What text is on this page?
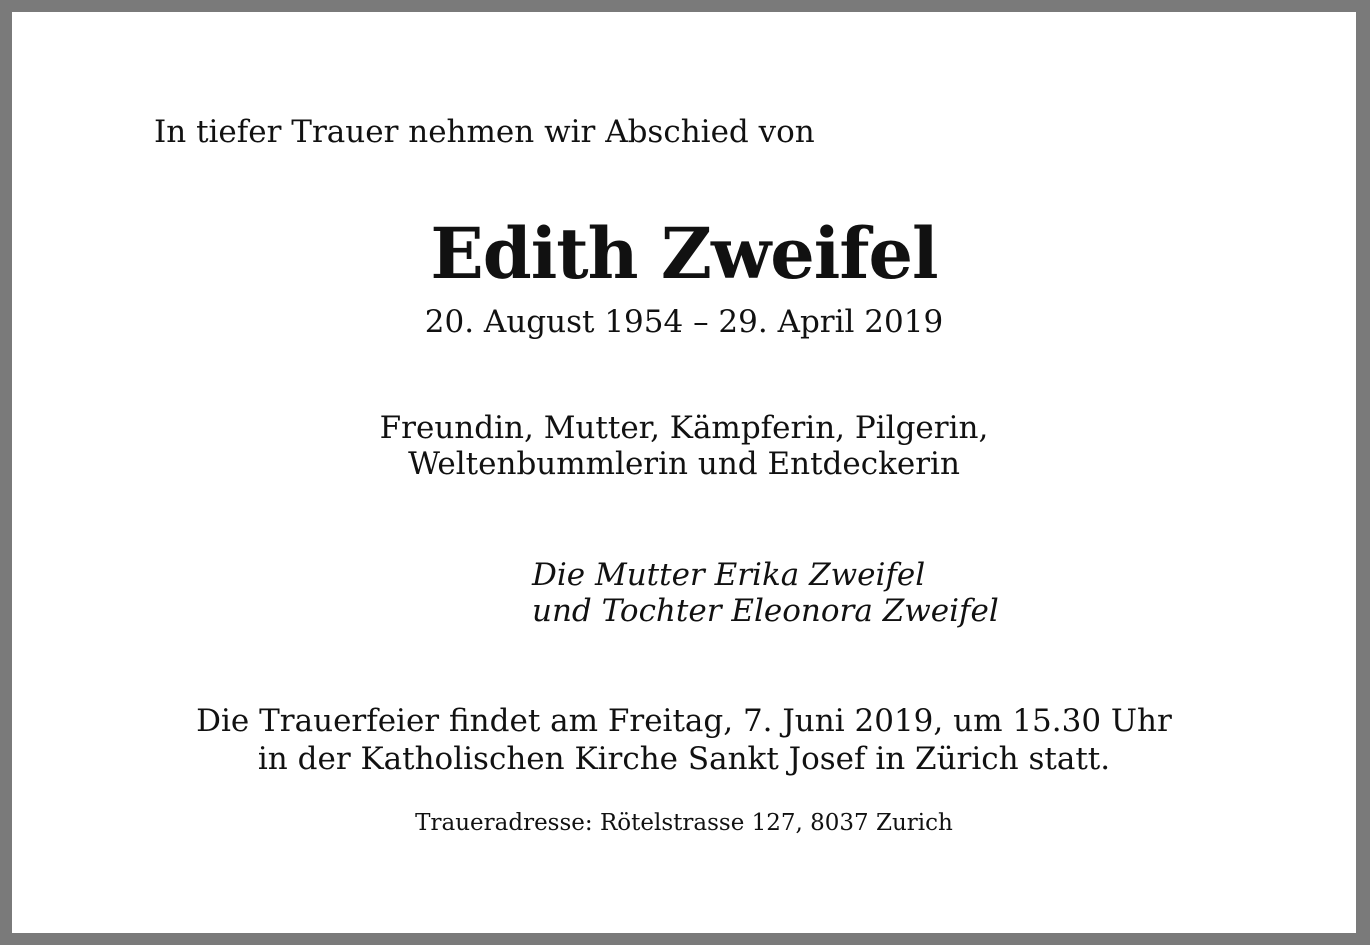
In tiefer Trauer nehmen wir Abschied von
Edith Zweifel
20. August 1954 – 29. April 2019
Freundin, Mutter, Kämpferin, Pilgerin,
Weltenbummlerin und Entdeckerin
Die Mutter Erika Zweifel
und Tochter Eleonora Zweifel
Die Trauerfeier findet am Freitag, 7. Juni 2019, um 15.30 Uhr
in der Katholischen Kirche Sankt Josef in Zürich statt.
Traueradresse: Rötelstrasse 127, 8037 Zurich
